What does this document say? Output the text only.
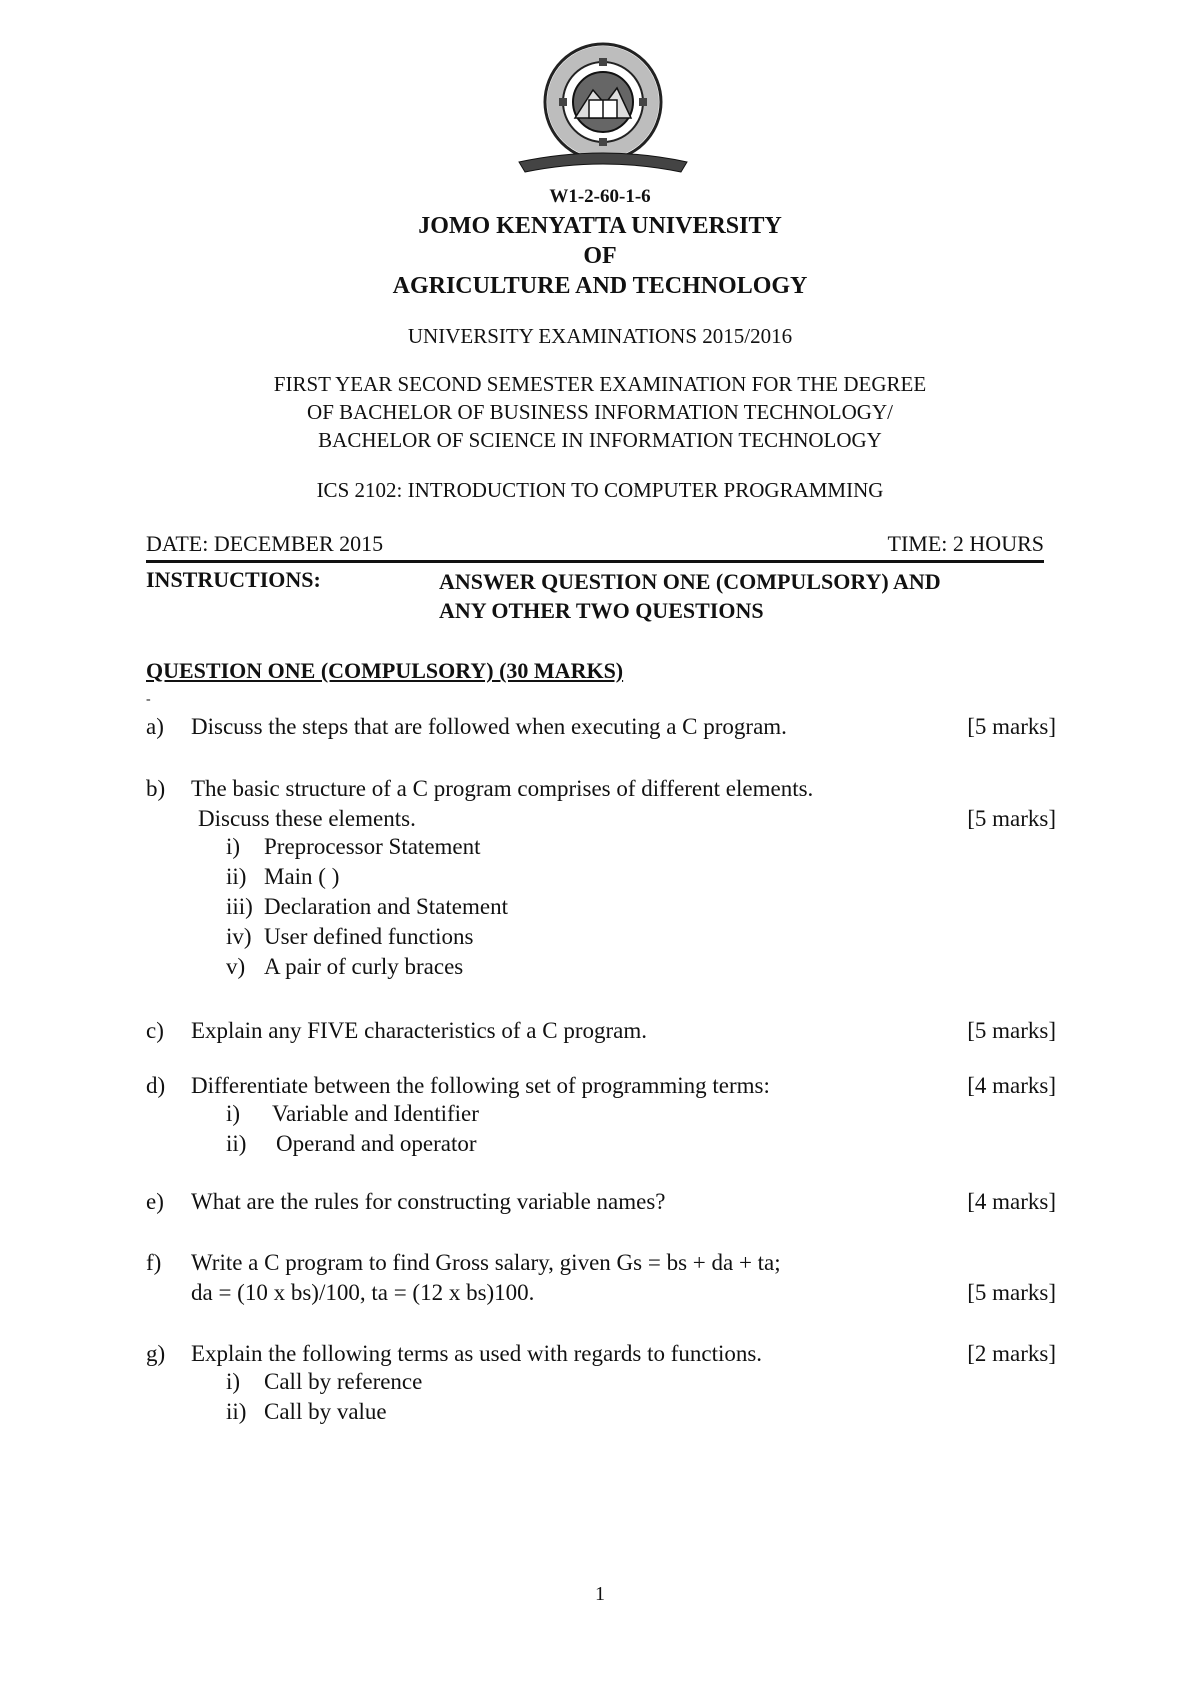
W1-2-60-1-6
JOMO KENYATTA UNIVERSITY
OF
AGRICULTURE AND TECHNOLOGY
UNIVERSITY EXAMINATIONS 2015/2016
FIRST YEAR SECOND SEMESTER EXAMINATION FOR THE DEGREE
OF BACHELOR OF BUSINESS INFORMATION TECHNOLOGY/
BACHELOR OF SCIENCE IN INFORMATION TECHNOLOGY
ICS 2102: INTRODUCTION TO COMPUTER PROGRAMMING
DATE: DECEMBER 2015	TIME: 2 HOURS
INSTRUCTIONS:	ANSWER QUESTION ONE (COMPULSORY) AND
ANY OTHER TWO QUESTIONS
QUESTION ONE (COMPULSORY) (30 MARKS)
-
a) Discuss the steps that are followed when executing a C program.	[5 marks]
b) The basic structure of a C program comprises of different elements.
Discuss these elements.	[5 marks]
i) Preprocessor Statement
ii) Main ( )
iii) Declaration and Statement
iv) User defined functions
v) A pair of curly braces
c) Explain any FIVE characteristics of a C program.	[5 marks]
d) Differentiate between the following set of programming terms:	[4 marks]
i) Variable and Identifier
ii) Operand and operator
e) What are the rules for constructing variable names?	[4 marks]
f) Write a C program to find Gross salary, given Gs = bs + da + ta;
da = (10 x bs)/100, ta = (12 x bs)100.	[5 marks]
g) Explain the following terms as used with regards to functions.	[2 marks]
i) Call by reference
ii) Call by value
1
